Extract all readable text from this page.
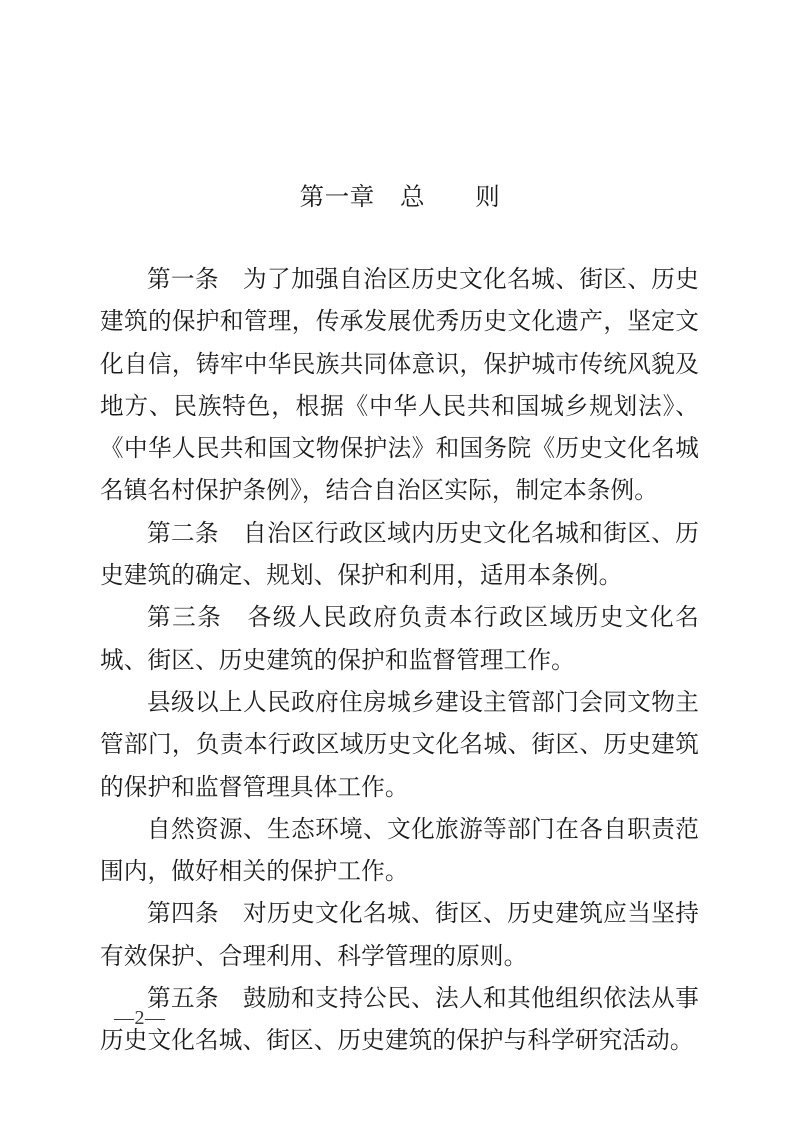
第一章　总　　则

第一条　为了加强自治区历史文化名城、街区、历史建筑的保护和管理，传承发展优秀历史文化遗产，坚定文化自信，铸牢中华民族共同体意识，保护城市传统风貌及地方、民族特色，根据《中华人民共和国城乡规划法》、《中华人民共和国文物保护法》和国务院《历史文化名城名镇名村保护条例》，结合自治区实际，制定本条例。

第二条　自治区行政区域内历史文化名城和街区、历史建筑的确定、规划、保护和利用，适用本条例。

第三条　各级人民政府负责本行政区域历史文化名城、街区、历史建筑的保护和监督管理工作。

县级以上人民政府住房城乡建设主管部门会同文物主管部门，负责本行政区域历史文化名城、街区、历史建筑的保护和监督管理具体工作。

自然资源、生态环境、文化旅游等部门在各自职责范围内，做好相关的保护工作。

第四条　对历史文化名城、街区、历史建筑应当坚持有效保护、合理利用、科学管理的原则。

第五条　鼓励和支持公民、法人和其他组织依法从事历史文化名城、街区、历史建筑的保护与科学研究活动。

—2—
